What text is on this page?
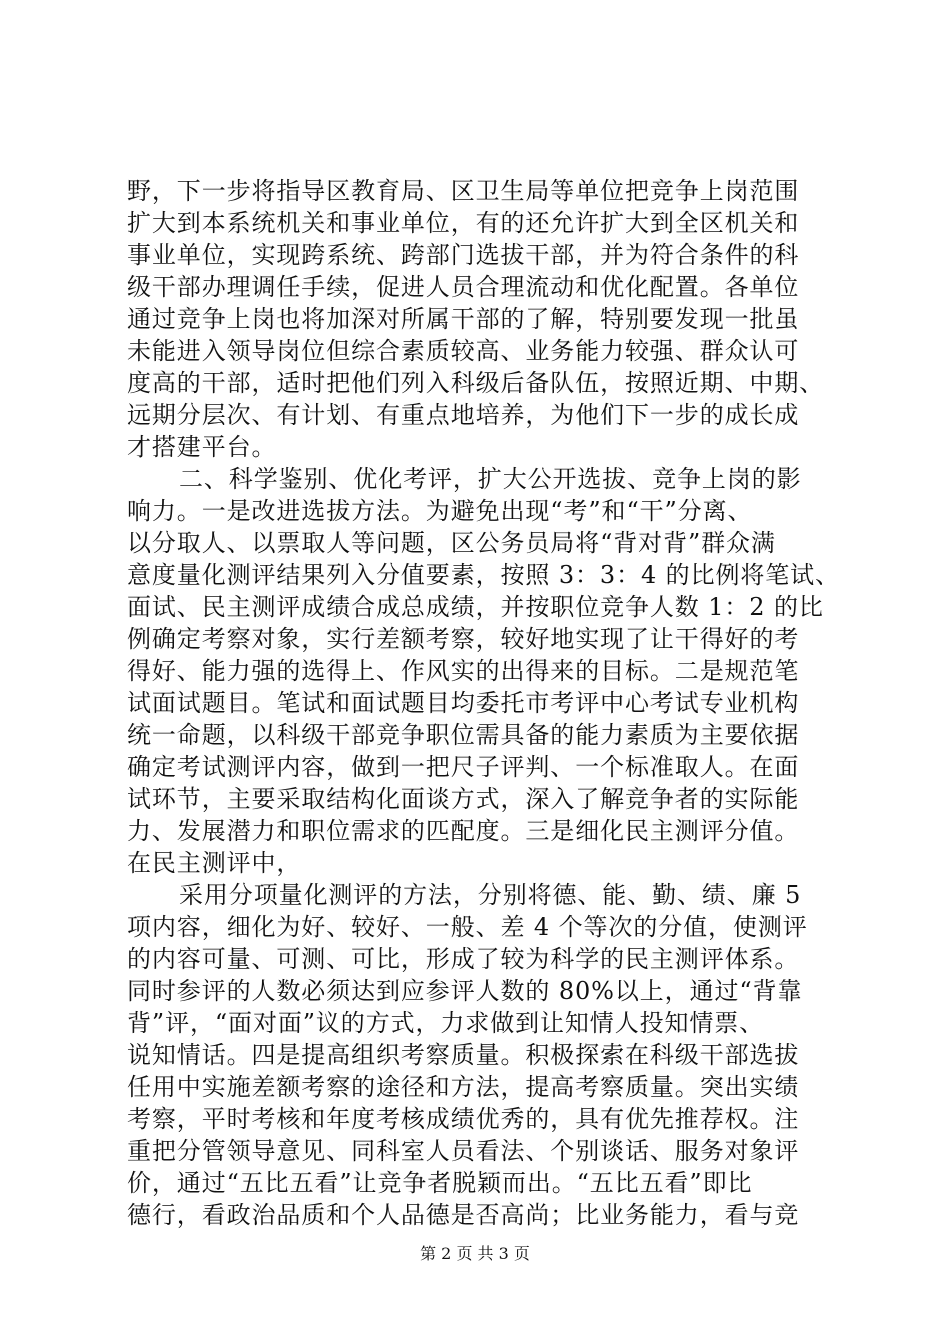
野，下一步将指导区教育局、区卫生局等单位把竞争上岗范围
扩大到本系统机关和事业单位，有的还允许扩大到全区机关和
事业单位，实现跨系统、跨部门选拔干部，并为符合条件的科
级干部办理调任手续，促进人员合理流动和优化配置。各单位
通过竞争上岗也将加深对所属干部的了解，特别要发现一批虽
未能进入领导岗位但综合素质较高、业务能力较强、群众认可
度高的干部，适时把他们列入科级后备队伍，按照近期、中期、
远期分层次、有计划、有重点地培养，为他们下一步的成长成
才搭建平台。
二、科学鉴别、优化考评，扩大公开选拔、竞争上岗的影
响力。一是改进选拔方法。为避免出现“考”和“干”分离、
以分取人、以票取人等问题，区公务员局将“背对背”群众满
意度量化测评结果列入分值要素，按照 3：3：4 的比例将笔试、
面试、民主测评成绩合成总成绩，并按职位竞争人数 1：2 的比
例确定考察对象，实行差额考察，较好地实现了让干得好的考
得好、能力强的选得上、作风实的出得来的目标。二是规范笔
试面试题目。笔试和面试题目均委托市考评中心考试专业机构
统一命题，以科级干部竞争职位需具备的能力素质为主要依据
确定考试测评内容，做到一把尺子评判、一个标准取人。在面
试环节，主要采取结构化面谈方式，深入了解竞争者的实际能
力、发展潜力和职位需求的匹配度。三是细化民主测评分值。
在民主测评中，
采用分项量化测评的方法，分别将德、能、勤、绩、廉 5
项内容，细化为好、较好、一般、差 4 个等次的分值，使测评
的内容可量、可测、可比，形成了较为科学的民主测评体系。
同时参评的人数必须达到应参评人数的 80%以上，通过“背靠
背”评，“面对面”议的方式，力求做到让知情人投知情票、
说知情话。四是提高组织考察质量。积极探索在科级干部选拔
任用中实施差额考察的途径和方法，提高考察质量。突出实绩
考察，平时考核和年度考核成绩优秀的，具有优先推荐权。注
重把分管领导意见、同科室人员看法、个别谈话、服务对象评
价，通过“五比五看”让竞争者脱颖而出。“五比五看”即比
德行，看政治品质和个人品德是否高尚；比业务能力，看与竞
第 2 页 共 3 页
